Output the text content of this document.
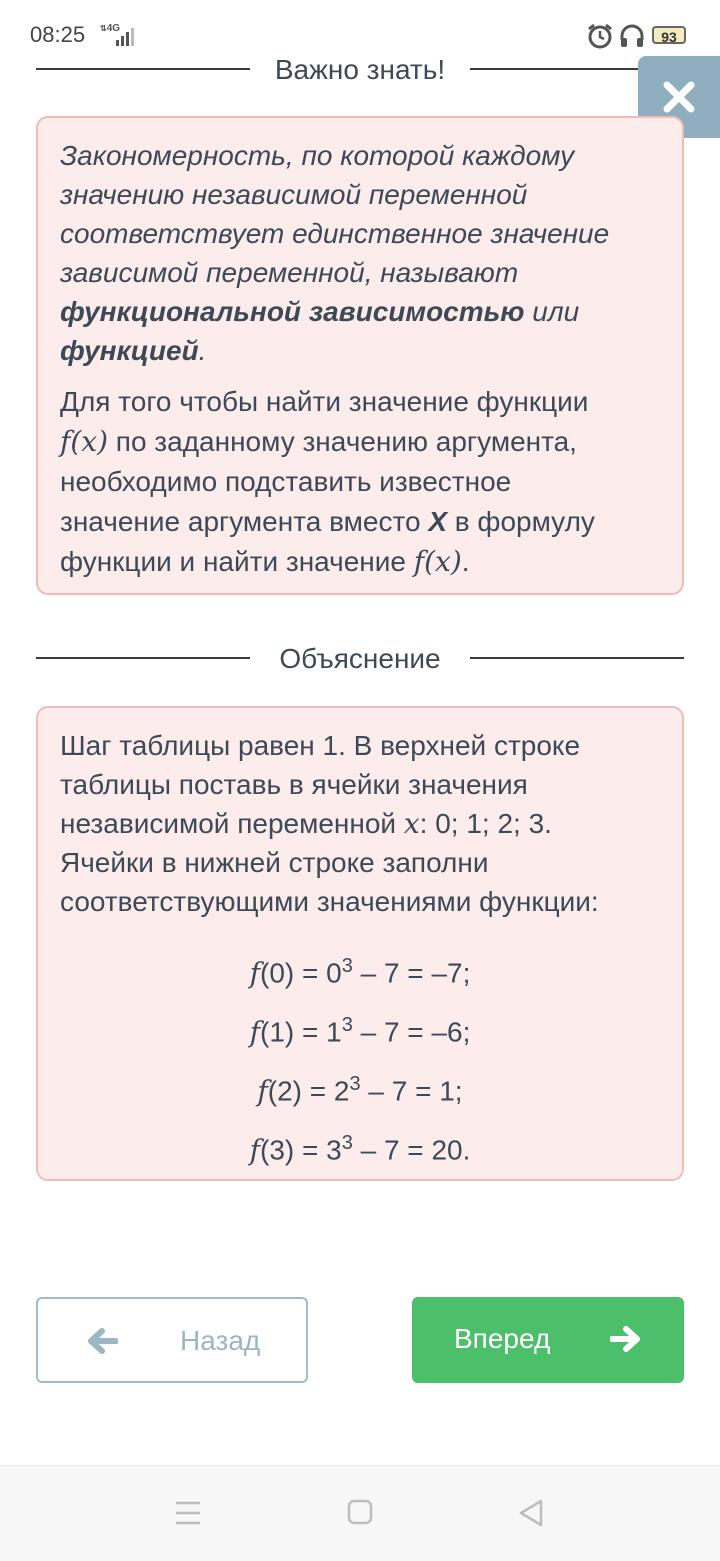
08:25 ⇅4G
93
Важно знать!

Закономерность, по которой каждому
значению независимой переменной
соответствует единственное значение
зависимой переменной, называют
функциональной зависимостью или
функцией.

Для того чтобы найти значение функции
f(x) по заданному значению аргумента,
необходимо подставить известное
значение аргумента вместо X в формулу
функции и найти значение f(x).

Объяснение

Шаг таблицы равен 1. В верхней строке
таблицы поставь в ячейки значения
независимой переменной x: 0; 1; 2; 3.
Ячейки в нижней строке заполни
соответствующими значениями функции:

$f(0) = 0^3 - 7 = -7$;
$f(1) = 1^3 - 7 = -6$;
$f(2) = 2^3 - 7 = 1$;
$f(3) = 3^3 - 7 = 20$.
Назад	Вперед
